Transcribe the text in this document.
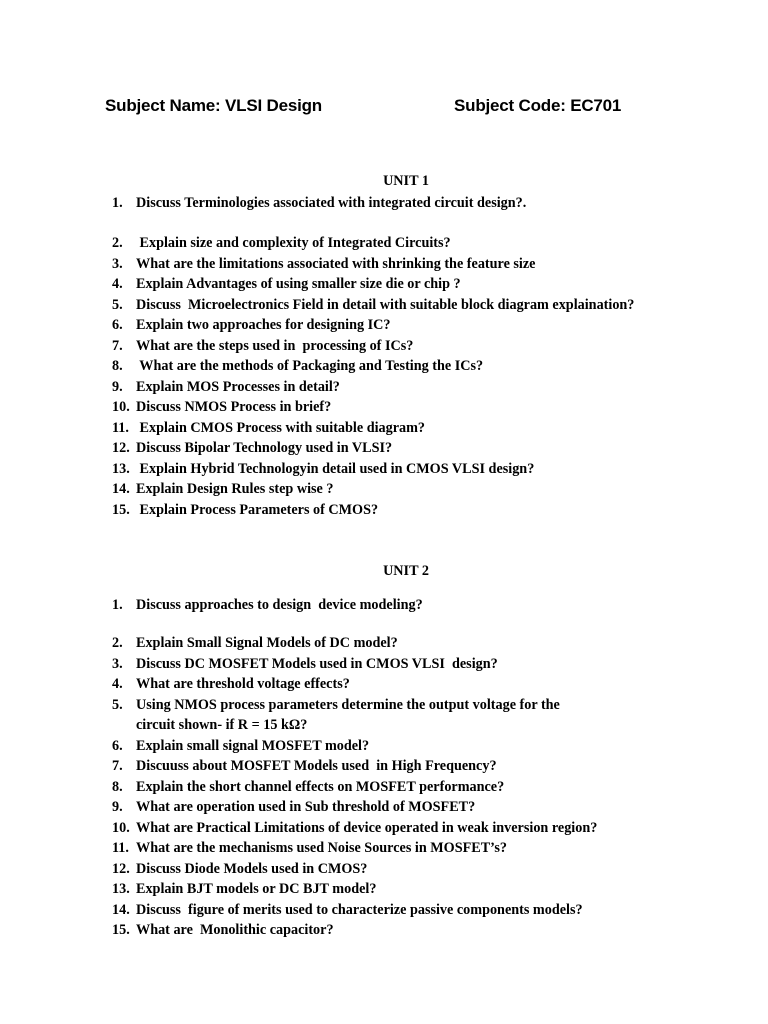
Subject Name: VLSI Design	Subject Code: EC701
UNIT 1
1. Discuss Terminologies associated with integrated circuit design?.
2. Explain size and complexity of Integrated Circuits?
3. What are the limitations associated with shrinking the feature size
4. Explain Advantages of using smaller size die or chip ?
5. Discuss  Microelectronics Field in detail with suitable block diagram explaination?
6. Explain two approaches for designing IC?
7. What are the steps used in  processing of ICs?
8. What are the methods of Packaging and Testing the ICs?
9. Explain MOS Processes in detail?
10. Discuss NMOS Process in brief?
11. Explain CMOS Process with suitable diagram?
12. Discuss Bipolar Technology used in VLSI?
13. Explain Hybrid Technologyin detail used in CMOS VLSI design?
14. Explain Design Rules step wise ?
15. Explain Process Parameters of CMOS?
UNIT 2
1. Discuss approaches to design  device modeling?
2. Explain Small Signal Models of DC model?
3. Discuss DC MOSFET Models used in CMOS VLSI  design?
4. What are threshold voltage effects?
5. Using NMOS process parameters determine the output voltage for the
circuit shown- if R = 15 kΩ?
6. Explain small signal MOSFET model?
7. Discuuss about MOSFET Models used  in High Frequency?
8. Explain the short channel effects on MOSFET performance?
9. What are operation used in Sub threshold of MOSFET?
10. What are Practical Limitations of device operated in weak inversion region?
11. What are the mechanisms used Noise Sources in MOSFET’s?
12. Discuss Diode Models used in CMOS?
13. Explain BJT models or DC BJT model?
14. Discuss  figure of merits used to characterize passive components models?
15. What are  Monolithic capacitor?
